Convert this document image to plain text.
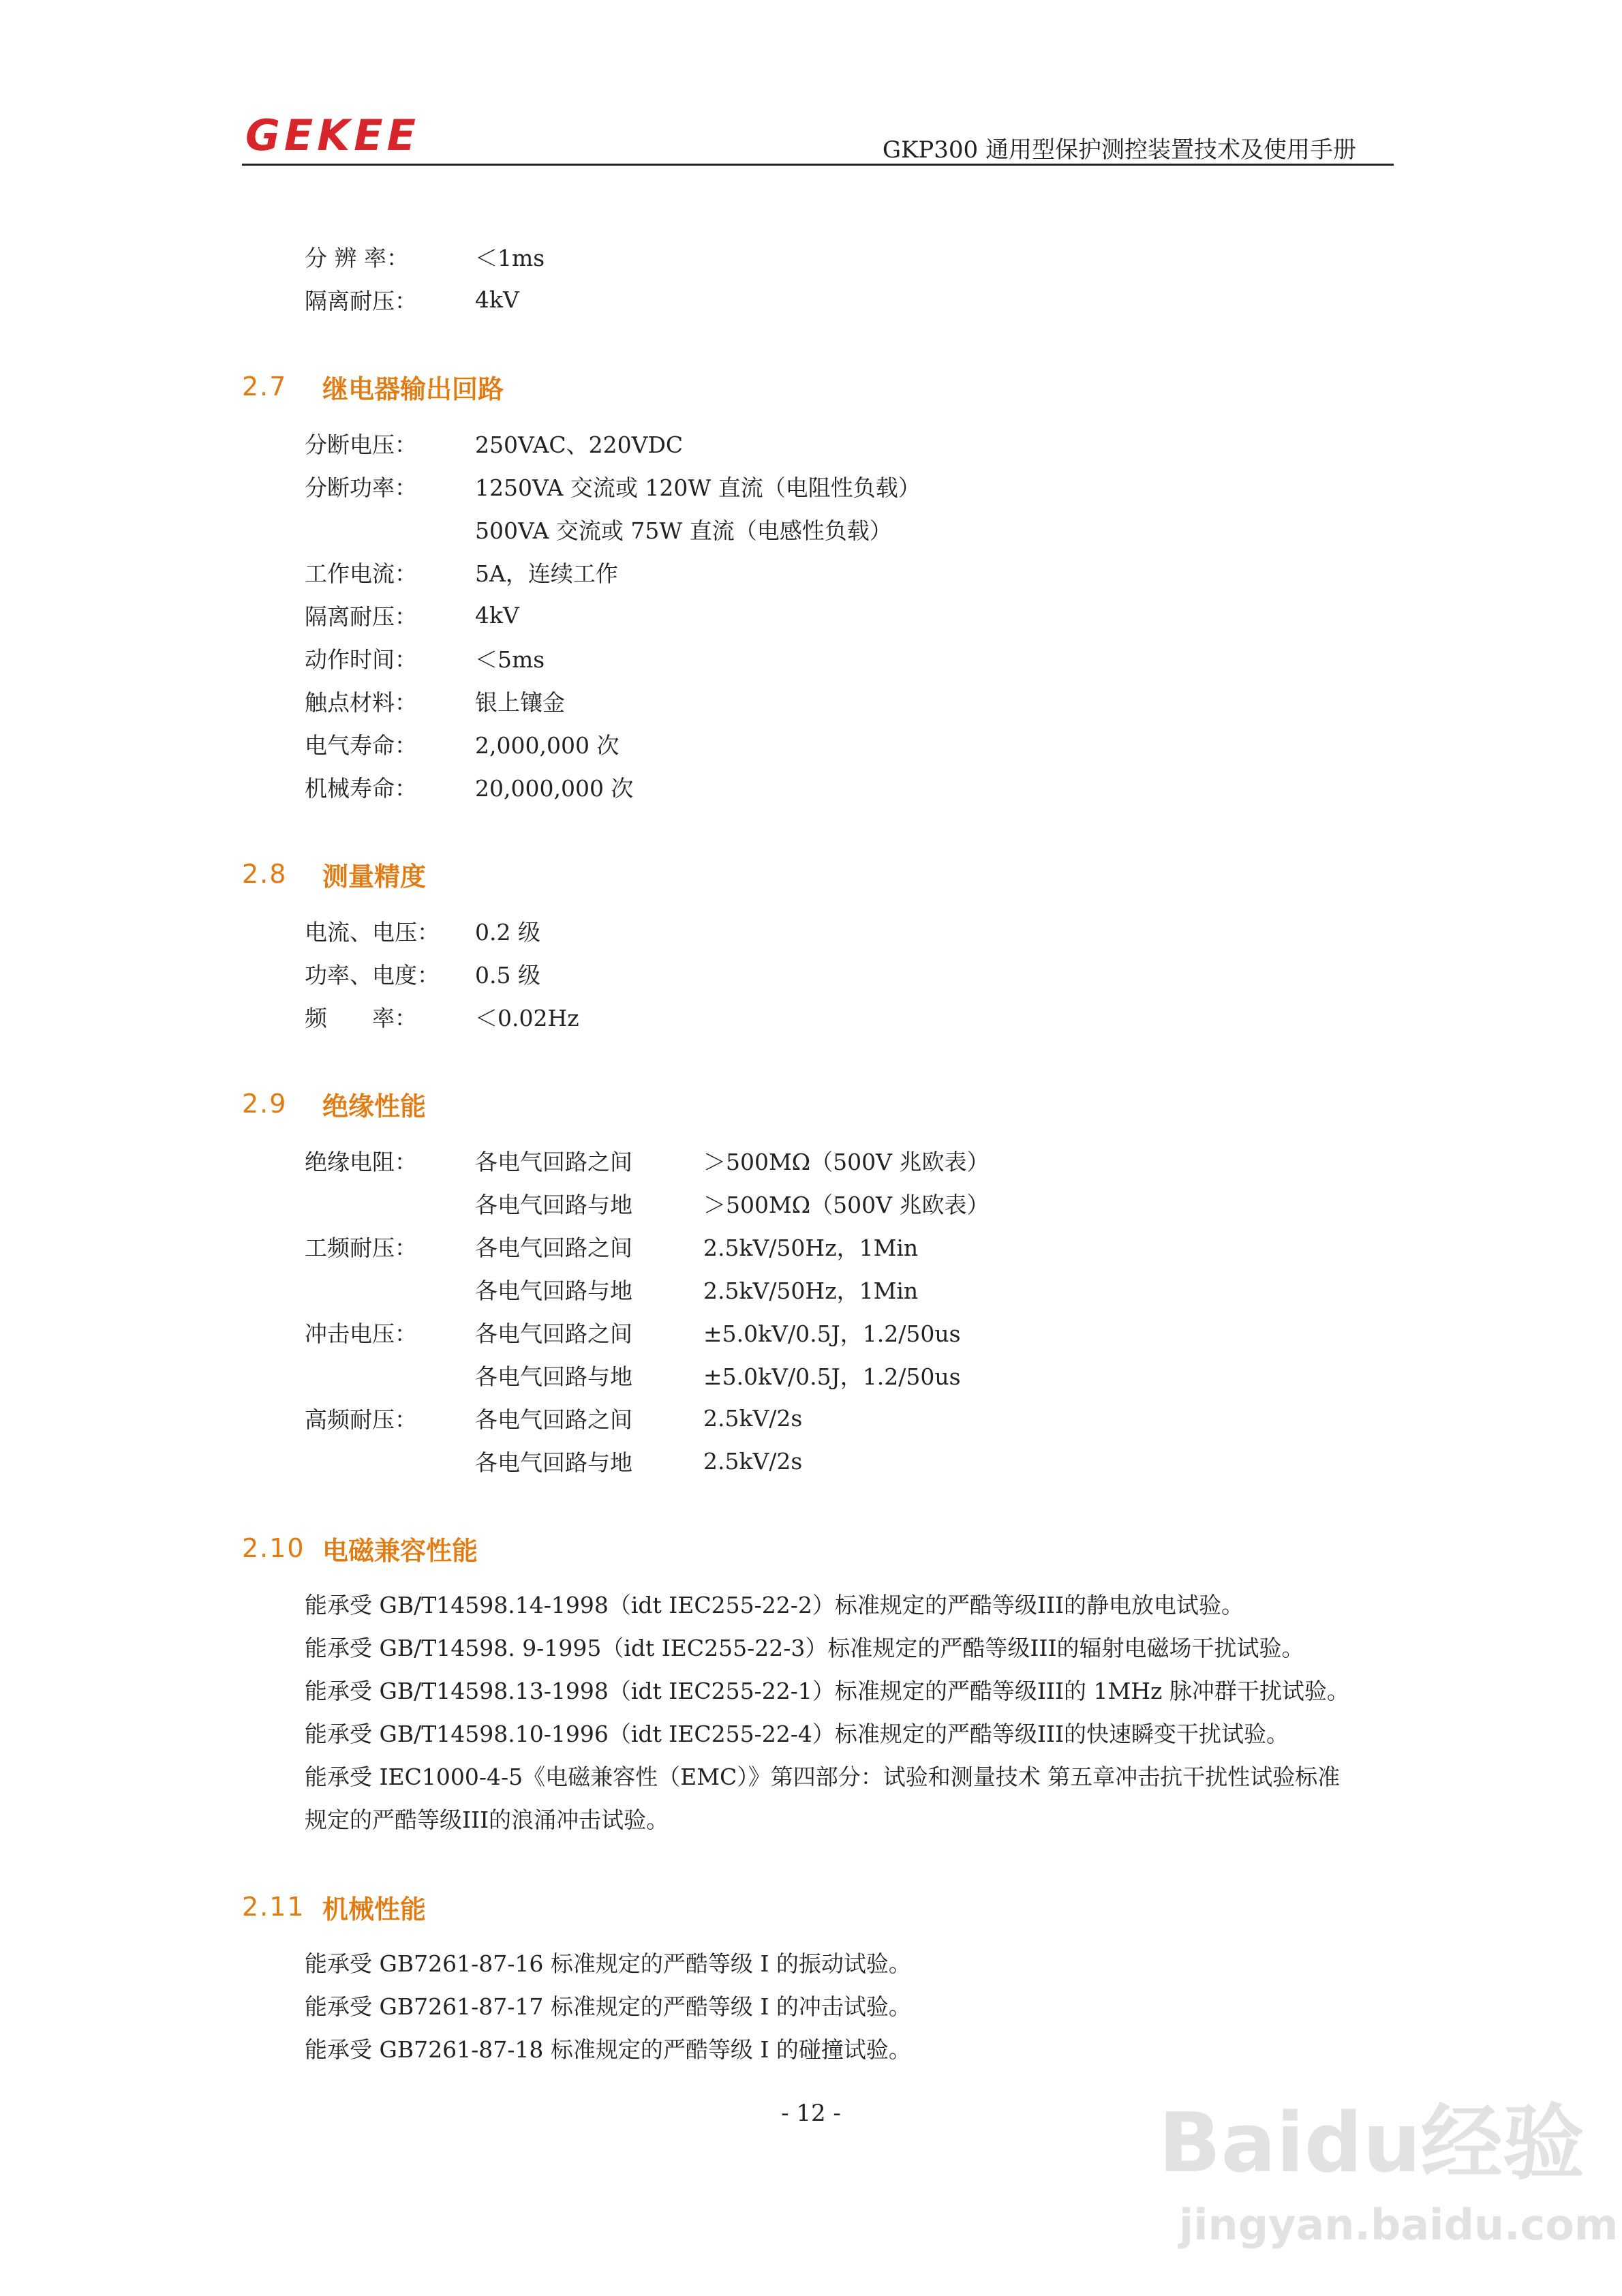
GEKEE	GKP300 通用型保护测控装置技术及使用手册
分 辨 率：	＜1ms
隔离耐压：	4kV
2.7	继电器输出回路
分断电压：	250VAC、220VDC
分断功率：	1250VA 交流或 120W 直流（电阻性负载）
500VA 交流或 75W 直流（电感性负载）
工作电流：	5A，连续工作
隔离耐压：	4kV
动作时间：	＜5ms
触点材料：	银上镶金
电气寿命：	2,000,000 次
机械寿命：	20,000,000 次
2.8	测量精度
电流、电压：	0.2 级
功率、电度：	0.5 级
频　　率：	＜0.02Hz
2.9	绝缘性能
绝缘电阻：	各电气回路之间	＞500MΩ（500V 兆欧表）
各电气回路与地	＞500MΩ（500V 兆欧表）
工频耐压：	各电气回路之间	2.5kV/50Hz，1Min
各电气回路与地	2.5kV/50Hz，1Min
冲击电压：	各电气回路之间	±5.0kV/0.5J，1.2/50us
各电气回路与地	±5.0kV/0.5J，1.2/50us
高频耐压：	各电气回路之间	2.5kV/2s
各电气回路与地	2.5kV/2s
2.10 电磁兼容性能
能承受 GB/T14598.14-1998（idt IEC255-22-2）标准规定的严酷等级III的静电放电试验。
能承受 GB/T14598. 9-1995（idt IEC255-22-3）标准规定的严酷等级III的辐射电磁场干扰试验。
能承受 GB/T14598.13-1998（idt IEC255-22-1）标准规定的严酷等级III的 1MHz 脉冲群干扰试验。
能承受 GB/T14598.10-1996（idt IEC255-22-4）标准规定的严酷等级III的快速瞬变干扰试验。
能承受 IEC1000-4-5《电磁兼容性（EMC）》第四部分：试验和测量技术 第五章冲击抗干扰性试验标准
规定的严酷等级III的浪涌冲击试验。
2.11 机械性能
能承受 GB7261-87-16 标准规定的严酷等级 I 的振动试验。
能承受 GB7261-87-17 标准规定的严酷等级 I 的冲击试验。
能承受 GB7261-87-18 标准规定的严酷等级 I 的碰撞试验。
- 12 -	Baidu经验
jingyan.baidu.com
